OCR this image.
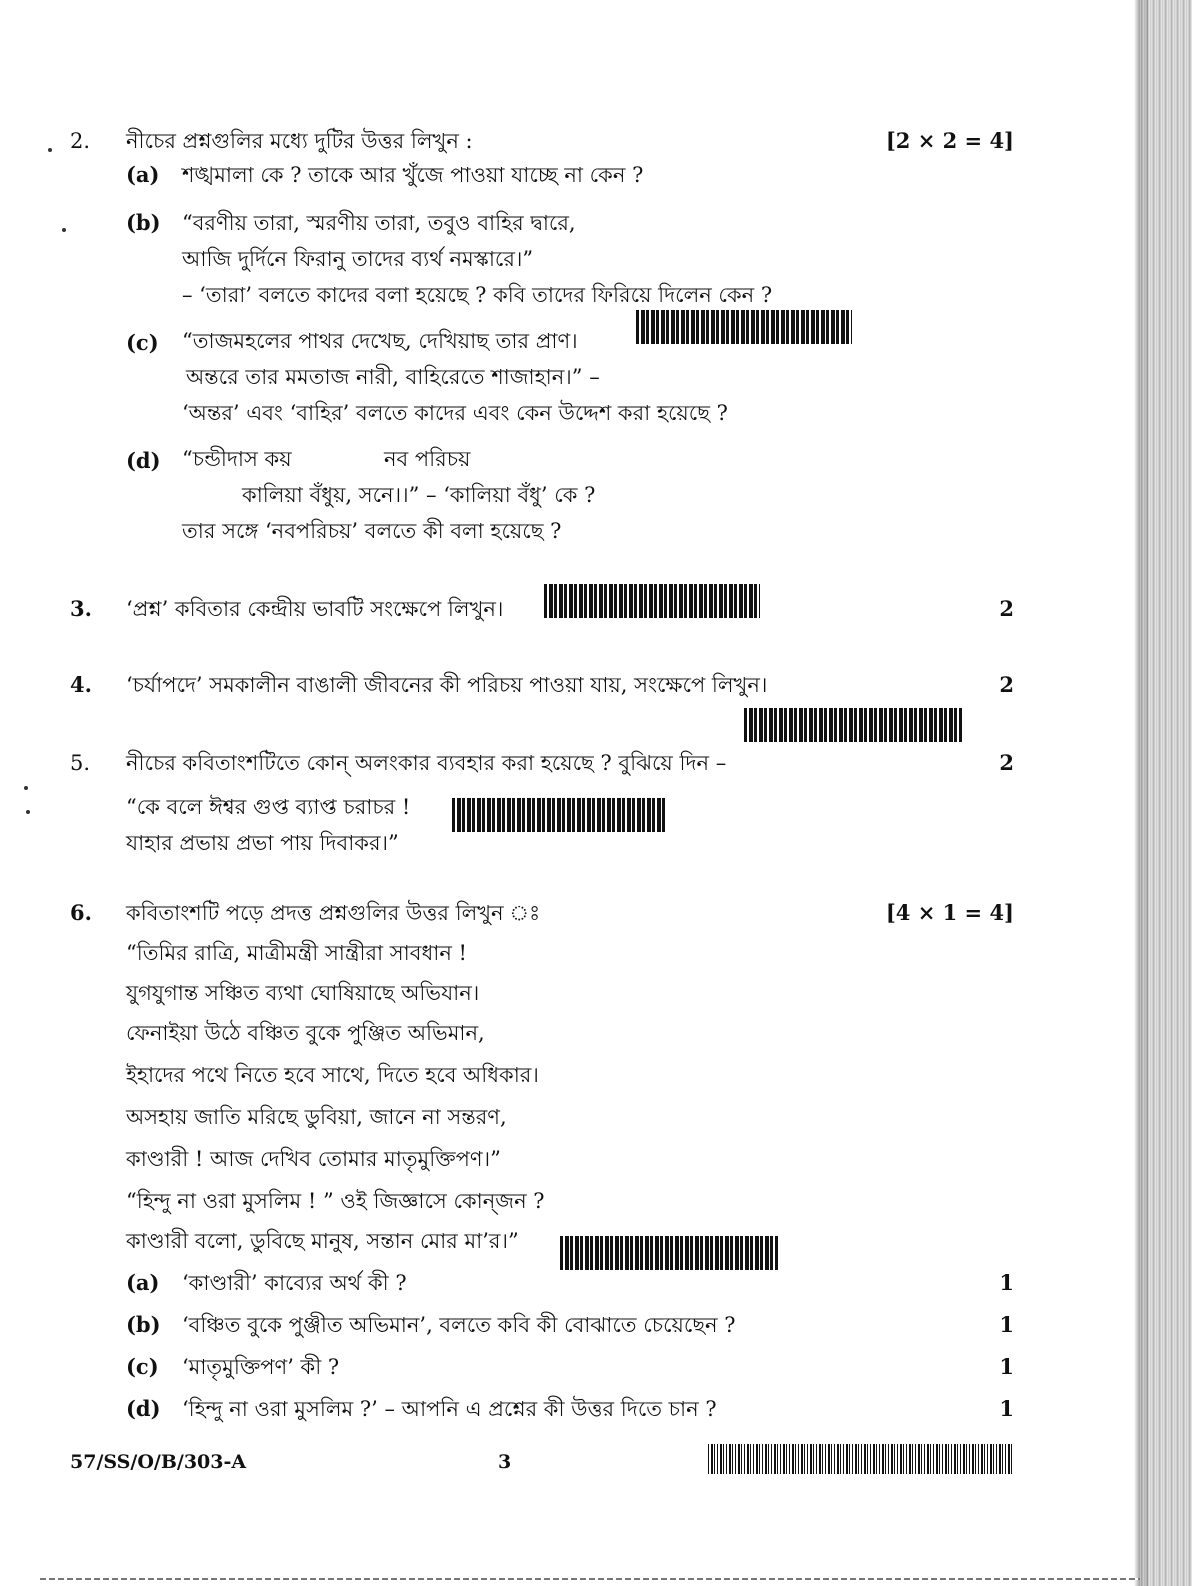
2. নীচের প্রশ্নগুলির মধ্যে দুটির উত্তর লিখুন :	[2 × 2 = 4]
(a) শঙ্খমালা কে ? তাকে আর খুঁজে পাওয়া যাচ্ছে না কেন ?
(b) “বরণীয় তারা, স্মরণীয় তারা, তবুও বাহির দ্বারে,
আজি দুর্দিনে ফিরানু তাদের ব্যর্থ নমস্কারে।”
– ‘তারা’ বলতে কাদের বলা হয়েছে ? কবি তাদের ফিরিয়ে দিলেন কেন ?
(c) “তাজমহলের পাথর দেখেছ, দেখিয়াছ তার প্রাণ।
অন্তরে তার মমতাজ নারী, বাহিরেতে শাজাহান।” –
‘অন্তর’ এবং ‘বাহির’ বলতে কাদের এবং কেন উদ্দেশ করা হয়েছে ?
(d) “চন্ডীদাস কয়	নব পরিচয়
কালিয়া বঁধুয়, সনে।।” – ‘কালিয়া বঁধু’ কে ?
তার সঙ্গে ‘নবপরিচয়’ বলতে কী বলা হয়েছে ?
3. ‘প্রশ্ন’ কবিতার কেন্দ্রীয় ভাবটি সংক্ষেপে লিখুন।	2
4. ‘চর্যাপদে’ সমকালীন বাঙালী জীবনের কী পরিচয় পাওয়া যায়, সংক্ষেপে লিখুন।	2
5. নীচের কবিতাংশটিতে কোন্ অলংকার ব্যবহার করা হয়েছে ? বুঝিয়ে দিন –	2
“কে বলে ঈশ্বর গুপ্ত ব্যাপ্ত চরাচর !
যাহার প্রভায় প্রভা পায় দিবাকর।”
6. কবিতাংশটি পড়ে প্রদত্ত প্রশ্নগুলির উত্তর লিখুন ঃ	[4 × 1 = 4]
“তিমির রাত্রি, মাত্রীমন্ত্রী সান্ত্রীরা সাবধান !
যুগযুগান্ত সঞ্চিত ব্যথা ঘোষিয়াছে অভিযান।
ফেনাইয়া উঠে বঞ্চিত বুকে পুঞ্জিত অভিমান,
ইহাদের পথে নিতে হবে সাথে, দিতে হবে অধিকার।
অসহায় জাতি মরিছে ডুবিয়া, জানে না সন্তরণ,
কাণ্ডারী ! আজ দেখিব তোমার মাতৃমুক্তিপণ।”
“হিন্দু না ওরা মুসলিম ! ” ওই জিজ্ঞাসে কোন্‌জন ?
কাণ্ডারী বলো, ডুবিছে মানুষ, সন্তান মোর মা’র।”
(a) ‘কাণ্ডারী’ কাব্যের অর্থ কী ?	1
(b) ‘বঞ্চিত বুকে পুঞ্জীত অভিমান’, বলতে কবি কী বোঝাতে চেয়েছেন ?	1
(c) ‘মাতৃমুক্তিপণ’ কী ?	1
(d) ‘হিন্দু না ওরা মুসলিম ?’ – আপনি এ প্রশ্নের কী উত্তর দিতে চান ?	1
57/SS/O/B/303-A	3
